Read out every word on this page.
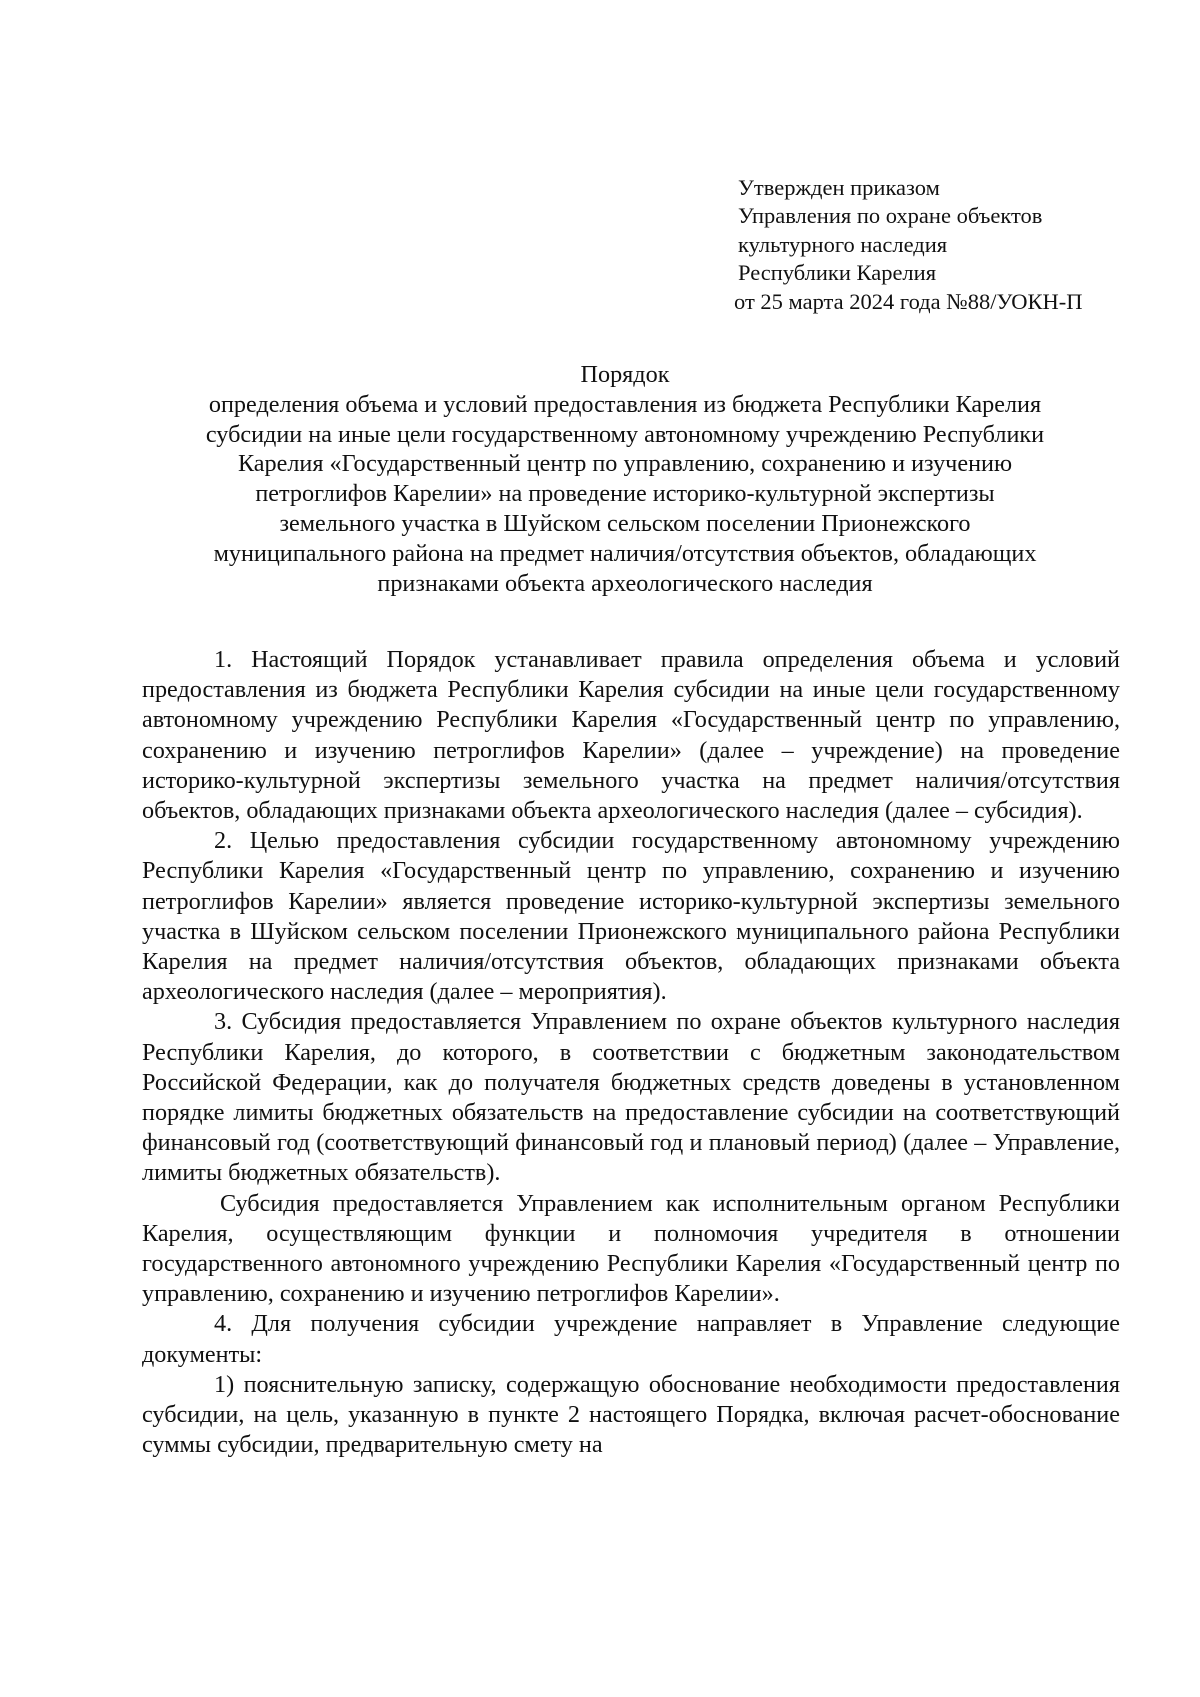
Утвержден приказом
Управления по охране объектов
культурного наследия
Республики Карелия
от 25 марта 2024 года №88/УОКН-П
Порядок
определения объема и условий предоставления из бюджета Республики Карелия
субсидии на иные цели государственному автономному учреждению Республики
Карелия «Государственный центр по управлению, сохранению и изучению
петроглифов Карелии» на проведение историко-культурной экспертизы
земельного участка в Шуйском сельском поселении Прионежского
муниципального района на предмет наличия/отсутствия объектов, обладающих
признаками объекта археологического наследия

1. Настоящий Порядок устанавливает правила определения объема и условий предоставления из бюджета Республики Карелия субсидии на иные цели государственному автономному учреждению Республики Карелия «Государственный центр по управлению, сохранению и изучению петроглифов Карелии» (далее – учреждение) на проведение историко-культурной экспертизы земельного участка на предмет наличия/отсутствия объектов, обладающих признаками объекта археологического наследия (далее – субсидия).

2. Целью предоставления субсидии государственному автономному учреждению Республики Карелия «Государственный центр по управлению, сохранению и изучению петроглифов Карелии» является проведение историко-культурной экспертизы земельного участка в Шуйском сельском поселении Прионежского муниципального района Республики Карелия на предмет наличия/отсутствия объектов, обладающих признаками объекта археологического наследия (далее – мероприятия).

3. Субсидия предоставляется Управлением по охране объектов культурного наследия Республики Карелия, до которого, в соответствии с бюджетным законодательством Российской Федерации, как до получателя бюджетных средств доведены в установленном порядке лимиты бюджетных обязательств на предоставление субсидии на соответствующий финансовый год (соответствующий финансовый год и плановый период) (далее – Управление, лимиты бюджетных обязательств).

Субсидия предоставляется Управлением как исполнительным органом Республики Карелия, осуществляющим функции и полномочия учредителя в отношении государственного автономного учреждению Республики Карелия «Государственный центр по управлению, сохранению и изучению петроглифов Карелии».

4. Для получения субсидии учреждение направляет в Управление следующие документы:

1) пояснительную записку, содержащую обоснование необходимости предоставления субсидии, на цель, указанную в пункте 2 настоящего Порядка, включая расчет-обоснование суммы субсидии, предварительную смету на
